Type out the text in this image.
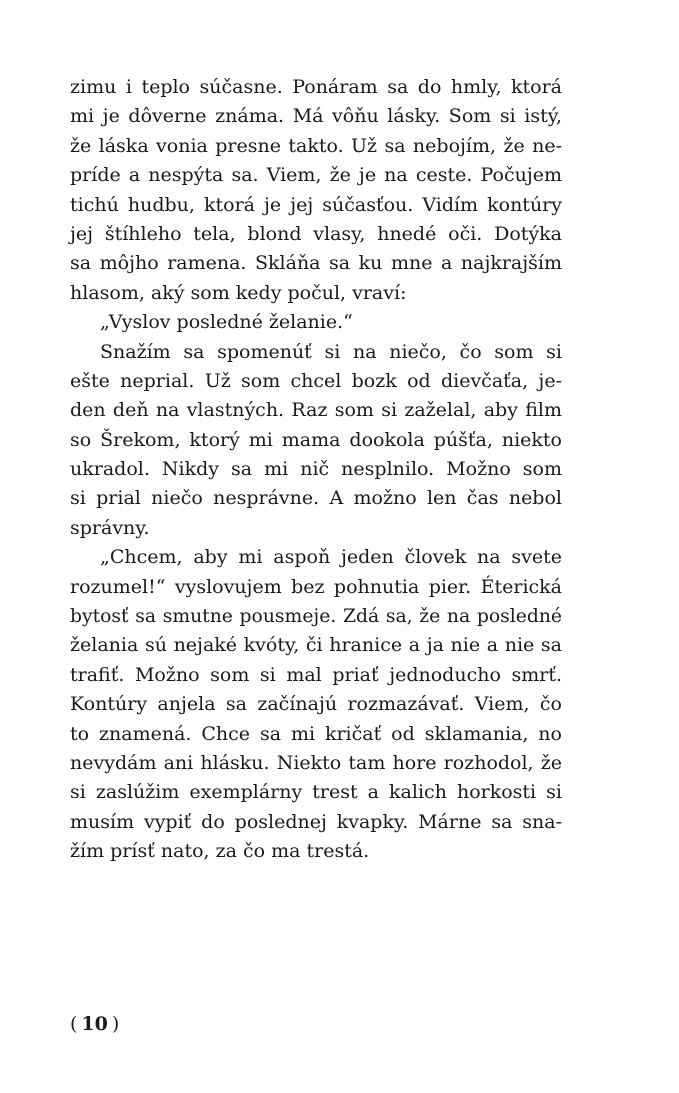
zimu i teplo súčasne. Ponáram sa do hmly, ktorá
mi je dôverne známa. Má vôňu lásky. Som si istý,
že láska vonia presne takto. Už sa nebojím, že ne-
príde a nespýta sa. Viem, že je na ceste. Počujem
tichú hudbu, ktorá je jej súčasťou. Vidím kontúry
jej štíhleho tela, blond vlasy, hnedé oči. Dotýka
sa môjho ramena. Skláňa sa ku mne a najkrajším
hlasom, aký som kedy počul, vraví:
„Vyslov posledné želanie.“
Snažím sa spomenúť si na niečo, čo som si
ešte neprial. Už som chcel bozk od dievčaťa, je-
den deň na vlastných. Raz som si zaželal, aby film
so Šrekom, ktorý mi mama dookola púšťa, niekto
ukradol. Nikdy sa mi nič nesplnilo. Možno som
si prial niečo nesprávne. A možno len čas nebol
správny.
„Chcem, aby mi aspoň jeden človek na svete
rozumel!“ vyslovujem bez pohnutia pier. Éterická
bytosť sa smutne pousmeje. Zdá sa, že na posledné
želania sú nejaké kvóty, či hranice a ja nie a nie sa
trafiť. Možno som si mal priať jednoducho smrť.
Kontúry anjela sa začínajú rozmazávať. Viem, čo
to znamená. Chce sa mi kričať od sklamania, no
nevydám ani hlásku. Niekto tam hore rozhodol, že
si zaslúžim exemplárny trest a kalich horkosti si
musím vypiť do poslednej kvapky. Márne sa sna-
žím prísť nato, za čo ma trestá.
( 10 )
